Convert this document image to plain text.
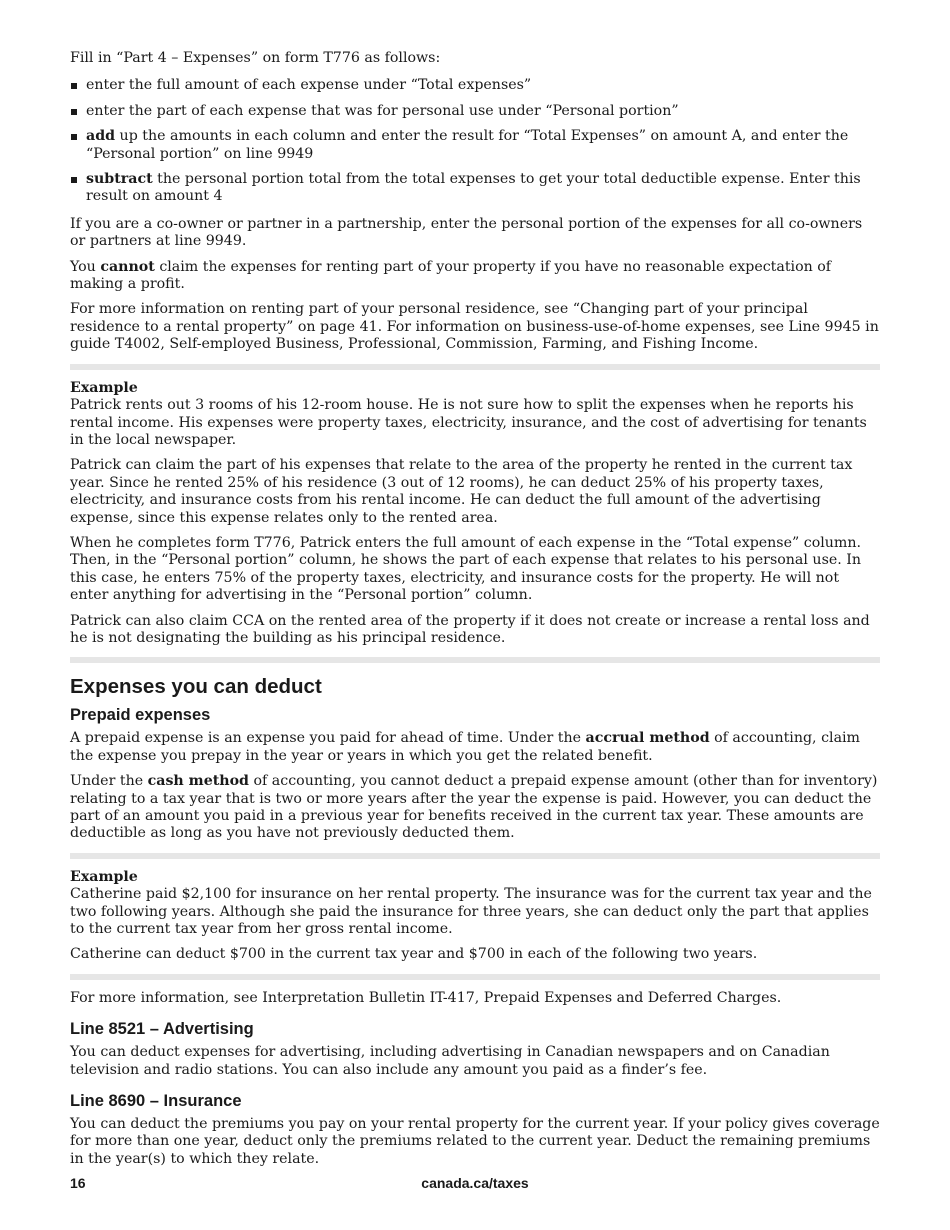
Fill in “Part 4 – Expenses” on form T776 as follows:

enter the full amount of each expense under “Total expenses”
enter the part of each expense that was for personal use under “Personal portion”
add up the amounts in each column and enter the result for “Total Expenses” on amount A, and enter the “Personal portion” on line 9949
subtract the personal portion total from the total expenses to get your total deductible expense. Enter this result on amount 4

If you are a co-owner or partner in a partnership, enter the personal portion of the expenses for all co-owners or partners at line 9949.

You cannot claim the expenses for renting part of your property if you have no reasonable expectation of making a profit.

For more information on renting part of your personal residence, see “Changing part of your principal residence to a rental property” on page 41. For information on business-use-of-home expenses, see Line 9945 in guide T4002, Self-employed Business, Professional, Commission, Farming, and Fishing Income.

Example

Patrick rents out 3 rooms of his 12-room house. He is not sure how to split the expenses when he reports his rental income. His expenses were property taxes, electricity, insurance, and the cost of advertising for tenants in the local newspaper.

Patrick can claim the part of his expenses that relate to the area of the property he rented in the current tax year. Since he rented 25% of his residence (3 out of 12 rooms), he can deduct 25% of his property taxes, electricity, and insurance costs from his rental income. He can deduct the full amount of the advertising expense, since this expense relates only to the rented area.

When he completes form T776, Patrick enters the full amount of each expense in the “Total expense” column. Then, in the “Personal portion” column, he shows the part of each expense that relates to his personal use. In this case, he enters 75% of the property taxes, electricity, and insurance costs for the property. He will not enter anything for advertising in the “Personal portion” column.

Patrick can also claim CCA on the rented area of the property if it does not create or increase a rental loss and he is not designating the building as his principal residence.

Expenses you can deduct
Prepaid expenses

A prepaid expense is an expense you paid for ahead of time. Under the accrual method of accounting, claim the expense you prepay in the year or years in which you get the related benefit.

Under the cash method of accounting, you cannot deduct a prepaid expense amount (other than for inventory) relating to a tax year that is two or more years after the year the expense is paid. However, you can deduct the part of an amount you paid in a previous year for benefits received in the current tax year. These amounts are deductible as long as you have not previously deducted them.

Example

Catherine paid $2,100 for insurance on her rental property. The insurance was for the current tax year and the two following years. Although she paid the insurance for three years, she can deduct only the part that applies to the current tax year from her gross rental income.

Catherine can deduct $700 in the current tax year and $700 in each of the following two years.

For more information, see Interpretation Bulletin IT-417, Prepaid Expenses and Deferred Charges.

Line 8521 – Advertising

You can deduct expenses for advertising, including advertising in Canadian newspapers and on Canadian television and radio stations. You can also include any amount you paid as a finder’s fee.

Line 8690 – Insurance

You can deduct the premiums you pay on your rental property for the current year. If your policy gives coverage for more than one year, deduct only the premiums related to the current year. Deduct the remaining premiums in the year(s) to which they relate.

16	canada.ca/taxes
